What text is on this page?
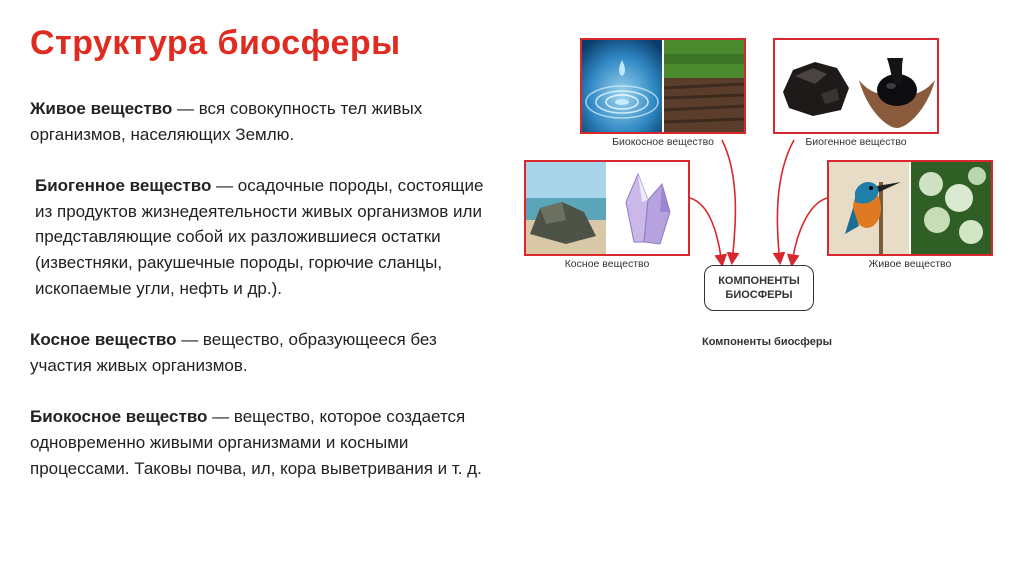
Структура биосферы

Живое вещество — вся совокупность тел живых организмов, населяющих Землю.

Биогенное вещество — осадочные породы, состоящие из продуктов жизнедеятельности живых организмов или представляющие собой их разложившиеся остатки (известняки, ракушечные породы, горючие сланцы, ископаемые угли, нефть и др.).

Косное вещество — вещество, образующееся без участия живых организмов.

Биокосное вещество — вещество, которое создается одновременно живыми организмами и косными процессами. Таковы почва, ил, кора выветривания и т. д.

Биокосное вещество	Биогенное вещество
Косное вещество	Живое вещество
КОМПОНЕНТЫ
БИОСФЕРЫ
Компоненты биосферы
